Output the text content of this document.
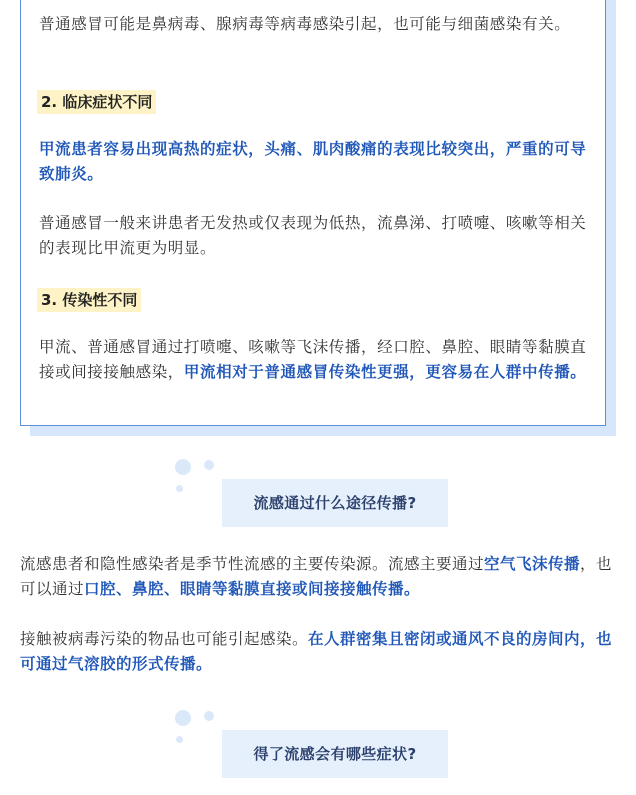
普通感冒可能是鼻病毒、腺病毒等病毒感染引起，也可能与细菌感染有关。

2. 临床症状不同

甲流患者容易出现高热的症状，头痛、肌肉酸痛的表现比较突出，严重的可导致肺炎。

普通感冒一般来讲患者无发热或仅表现为低热，流鼻涕、打喷嚏、咳嗽等相关的表现比甲流更为明显。

3. 传染性不同

甲流、普通感冒通过打喷嚏、咳嗽等飞沫传播，经口腔、鼻腔、眼睛等黏膜直接或间接接触感染，甲流相对于普通感冒传染性更强，更容易在人群中传播。

流感通过什么途径传播?

流感患者和隐性感染者是季节性流感的主要传染源。流感主要通过空气飞沫传播，也可以通过口腔、鼻腔、眼睛等黏膜直接或间接接触传播。

接触被病毒污染的物品也可能引起感染。在人群密集且密闭或通风不良的房间内，也可通过气溶胶的形式传播。

得了流感会有哪些症状?
